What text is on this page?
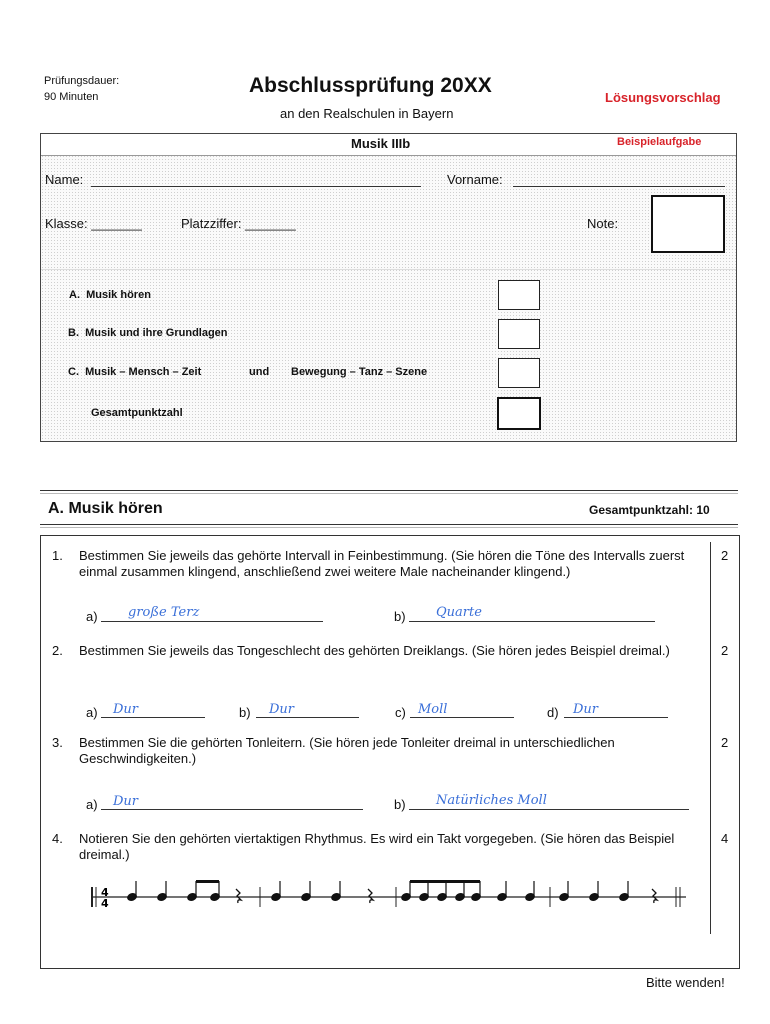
Prüfungsdauer:
90 Minuten	Abschlussprüfung 20XX
an den Realschulen in Bayern
Lösungsvorschlag
Musik IIIb	Beispielaufgabe
Name:	Vorname:
Klasse: _______	Platzziffer: _______	Note:
A. Musik hören
B. Musik und ihre Grundlagen
C. Musik – Mensch – Zeit	und Bewegung – Tanz – Szene
Gesamtpunktzahl
A. Musik hören	Gesamtpunktzahl: 10
1. Bestimmen Sie jeweils das gehörte Intervall in Feinbestimmung. (Sie hören die Töne des Intervalls zuerst einmal zusammen klingend, anschließend zwei weitere Male nacheinander klingend.)
2
a) große Terz	b) Quarte
2. Bestimmen Sie jeweils das Tongeschlecht des gehörten Dreiklangs. (Sie hören jedes Beispiel dreimal.)	2
a) Dur	b) Dur	c) Moll	d) Dur
3. Bestimmen Sie die gehörten Tonleitern. (Sie hören jede Tonleiter dreimal in unterschiedlichen Geschwindigkeiten.)
2
a) Dur	b) Natürliches Moll
4. Notieren Sie den gehörten viertaktigen Rhythmus. Es wird ein Takt vorgegeben. (Sie hören das Beispiel dreimal.)
4
4
4
Bitte wenden!
